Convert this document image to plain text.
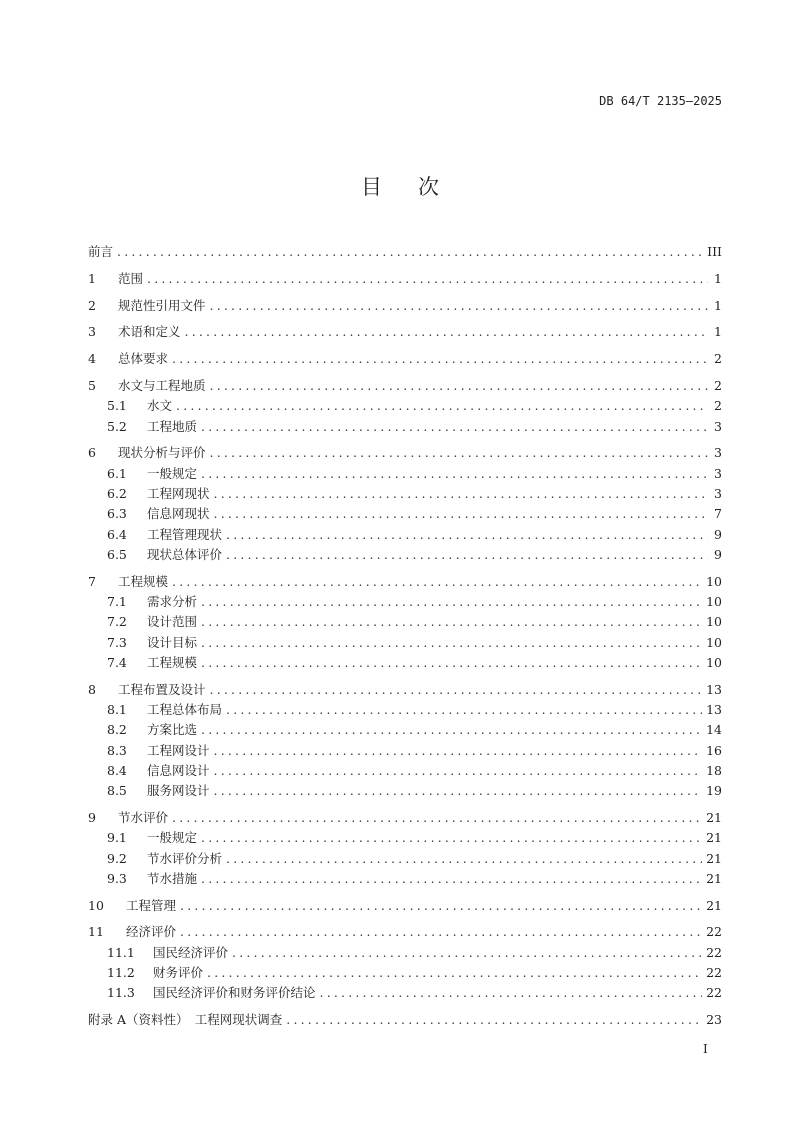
DB 64/T 2135—2025
目次
前言 .....	III
1	范围 .....	1
2	规范性引用文件 .....	1
3	术语和定义 .....	1
4	总体要求 .....	2
5	水文与工程地质 .....	2
5.1	水文 .....	2
5.2	工程地质 .....	3
6	现状分析与评价 .....	3
6.1	一般规定 .....	3
6.2	工程网现状 .....	3
6.3	信息网现状 .....	7
6.4	工程管理现状 .....	9
6.5	现状总体评价 .....	9
7	工程规模 .....	10
7.1	需求分析 .....	10
7.2	设计范围 .....	10
7.3	设计目标 .....	10
7.4	工程规模 .....	10
8	工程布置及设计 .....	13
8.1	工程总体布局 .....	13
8.2	方案比选 .....	14
8.3	工程网设计 .....	16
8.4	信息网设计 .....	18
8.5	服务网设计 .....	19
9	节水评价 .....	21
9.1	一般规定 .....	21
9.2	节水评价分析 .....	21
9.3	节水措施 .....	21
10	工程管理 .....	21
11	经济评价 .....	22
11.1	国民经济评价 .....	22
11.2	财务评价 .....	22
11.3	国民经济评价和财务评价结论 .....	22
附录 A（资料性）　工程网现状调查 .....	23
I
